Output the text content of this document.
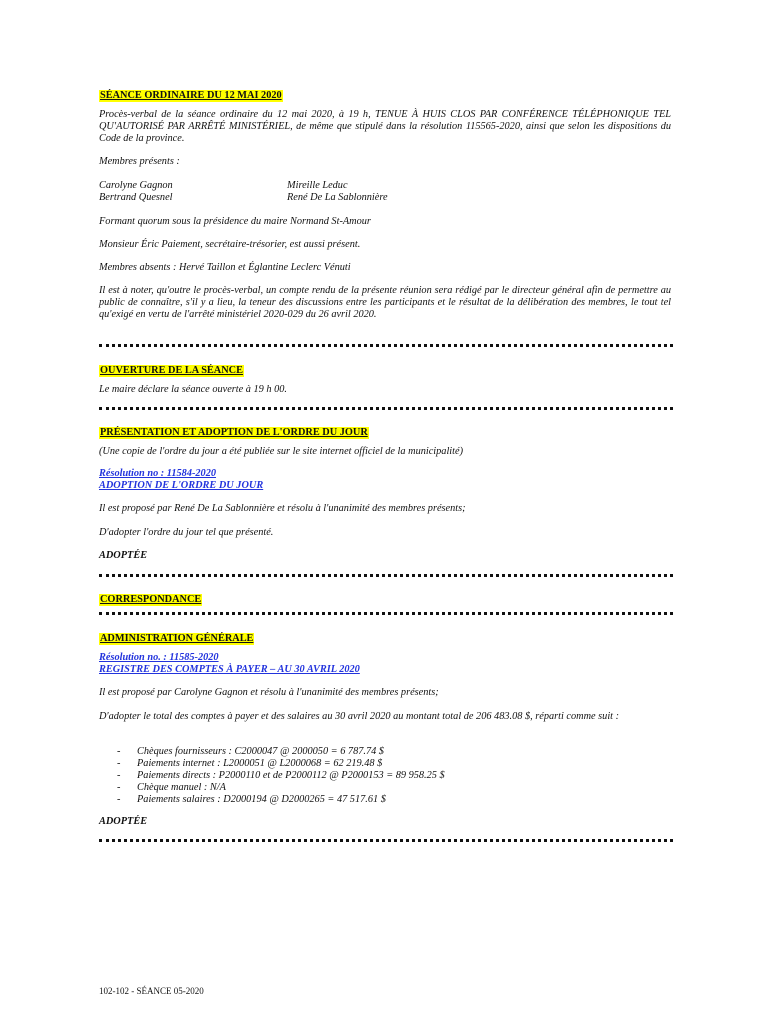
SÉANCE ORDINAIRE DU 12 MAI 2020

Procès-verbal de la séance ordinaire du 12 mai 2020, à 19 h, TENUE À HUIS CLOS PAR CONFÉRENCE TÉLÉPHONIQUE TEL QU'AUTORISÉ PAR ARRÊTÉ MINISTÉRIEL, de même que stipulé dans la résolution 115565-2020, ainsi que selon les dispositions du Code de la province.

Membres présents :

Carolyne Gagnon

Bertrand Quesnel

Mireille Leduc

René De La Sablonnière

Formant quorum sous la présidence du maire Normand St-Amour

Monsieur Éric Paiement, secrétaire-trésorier, est aussi présent.

Membres absents : Hervé Taillon et Églantine Leclerc Vénuti

Il est à noter, qu'outre le procès-verbal, un compte rendu de la présente réunion sera rédigé par le directeur général afin de permettre au public de connaître, s'il y a lieu, la teneur des discussions entre les participants et le résultat de la délibération des membres, le tout tel qu'exigé en vertu de l'arrêté ministériel 2020-029 du 26 avril 2020.

OUVERTURE DE LA SÉANCE

Le maire déclare la séance ouverte à 19 h 00.

PRÉSENTATION ET ADOPTION DE L'ORDRE DU JOUR

(Une copie de l'ordre du jour a été publiée sur le site internet officiel de la municipalité)

Résolution no : 11584-2020
ADOPTION DE L'ORDRE DU JOUR

Il est proposé par René De La Sablonnière et résolu à l'unanimité des membres présents;

D'adopter l'ordre du jour tel que présenté.

ADOPTÉE

CORRESPONDANCE

ADMINISTRATION GÉNÉRALE

Résolution no. : 11585-2020
REGISTRE DES COMPTES À PAYER – AU 30 AVRIL 2020

Il est proposé par Carolyne Gagnon et résolu à l'unanimité des membres présents;

D'adopter le total des comptes à payer et des salaires au 30 avril 2020 au montant total de 206 483.08 $, réparti comme suit :

- Chèques fournisseurs : C2000047 @ 2000050 = 6 787.74 $
- Paiements internet : L2000051 @ L2000068 = 62 219.48 $
- Paiements directs : P2000110 et de P2000112 @ P2000153 = 89 958.25 $
- Chèque manuel : N/A
- Paiements salaires : D2000194 @ D2000265 = 47 517.61 $

ADOPTÉE

102-102 - SÉANCE 05-2020
